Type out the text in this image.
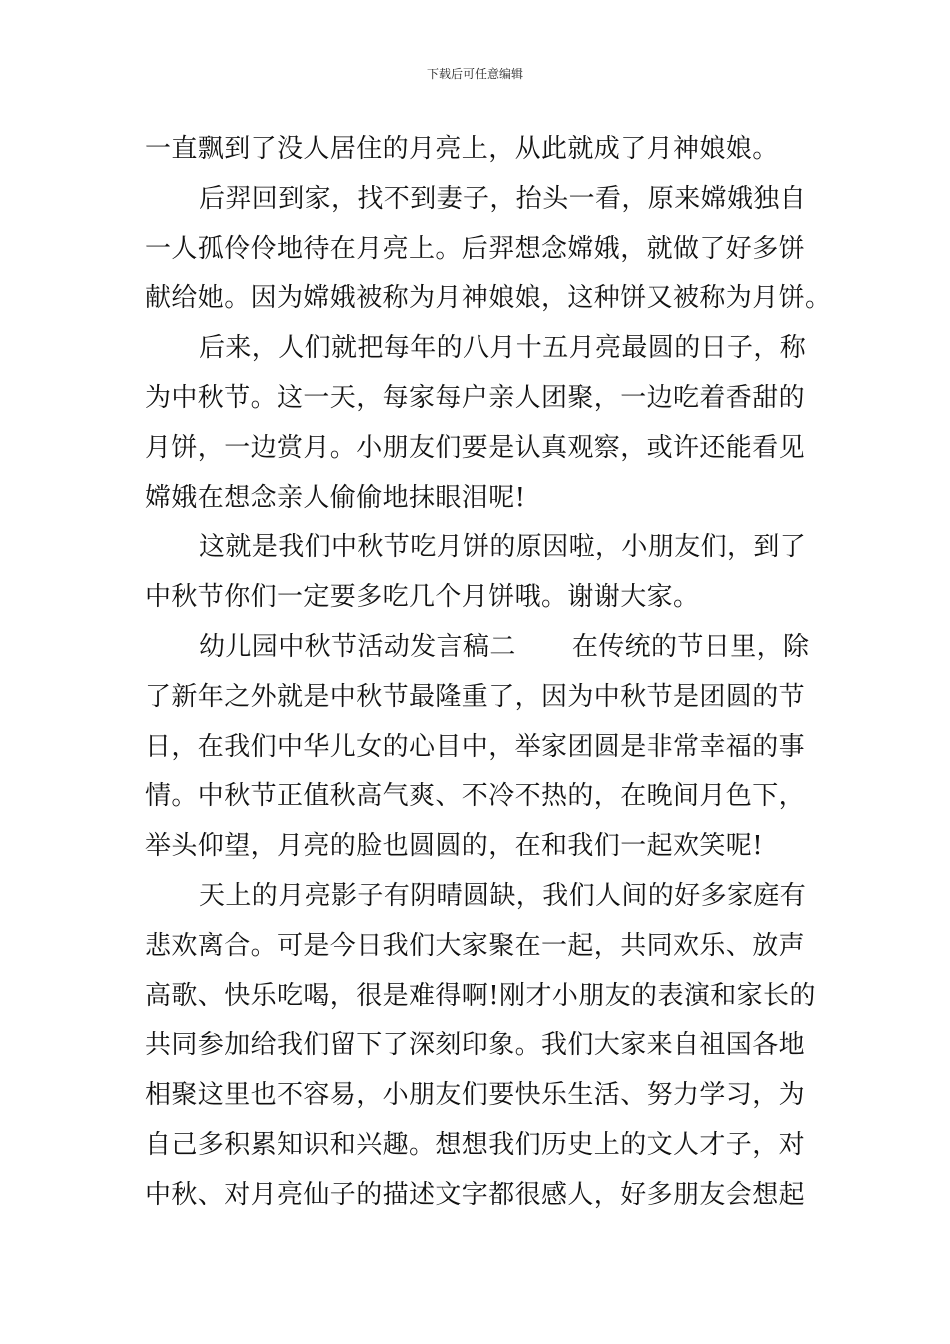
下载后可任意编辑
一直飘到了没人居住的月亮上，从此就成了月神娘娘。
后羿回到家，找不到妻子，抬头一看，原来嫦娥独自
一人孤伶伶地待在月亮上。后羿想念嫦娥，就做了好多饼
献给她。因为嫦娥被称为月神娘娘，这种饼又被称为月饼。
后来，人们就把每年的八月十五月亮最圆的日子，称
为中秋节。这一天，每家每户亲人团聚，一边吃着香甜的
月饼，一边赏月。小朋友们要是认真观察，或许还能看见
嫦娥在想念亲人偷偷地抹眼泪呢!
这就是我们中秋节吃月饼的原因啦，小朋友们，到了
中秋节你们一定要多吃几个月饼哦。谢谢大家。
幼儿园中秋节活动发言稿二 在传统的节日里，除
了新年之外就是中秋节最隆重了，因为中秋节是团圆的节
日，在我们中华儿女的心目中，举家团圆是非常幸福的事
情。中秋节正值秋高气爽、不冷不热的，在晚间月色下，
举头仰望，月亮的脸也圆圆的，在和我们一起欢笑呢!
天上的月亮影子有阴晴圆缺，我们人间的好多家庭有
悲欢离合。可是今日我们大家聚在一起，共同欢乐、放声
高歌、快乐吃喝，很是难得啊!刚才小朋友的表演和家长的
共同参加给我们留下了深刻印象。我们大家来自祖国各地
相聚这里也不容易，小朋友们要快乐生活、努力学习，为
自己多积累知识和兴趣。想想我们历史上的文人才子，对
中秋、对月亮仙子的描述文字都很感人，好多朋友会想起
